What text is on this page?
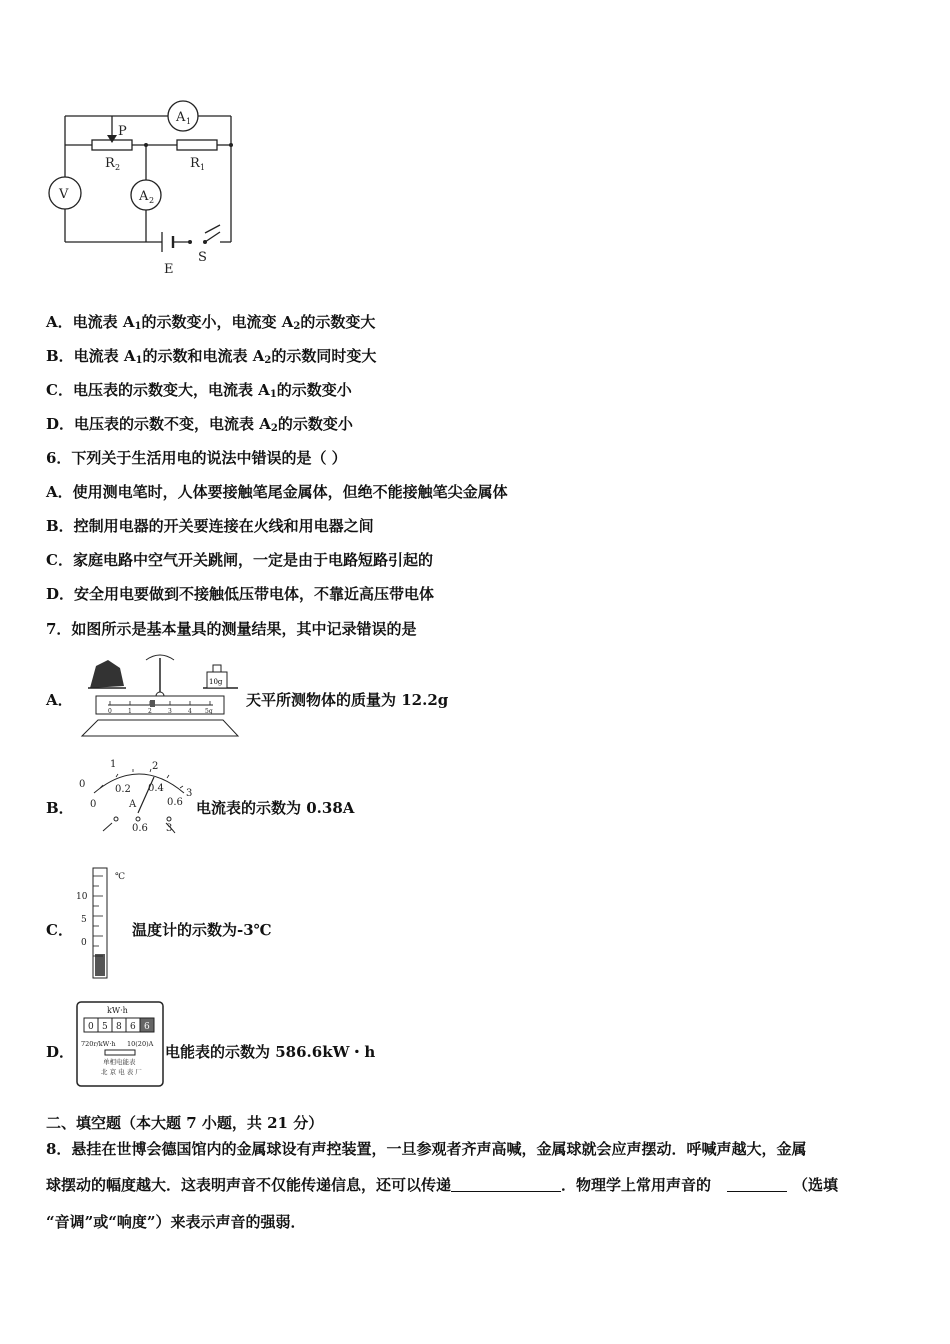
A 1
V	A 2
P
R 2	R 1
E
S
A．电流表 $A_1$的示数变小，电流变 $A_2$的示数变大
B．电流表 $A_1$的示数和电流表 $A_2$的示数同时变大
C．电压表的示数变大，电流表 $A_1$的示数变小
D．电压表的示数不变，电流表 $A_2$的示数变小
6．下列关于生活用电的说法中错误的是（ ）
A．使用测电笔时，人体要接触笔尾金属体，但绝不能接触笔尖金属体
B．控制用电器的开关要连接在火线和用电器之间
C．家庭电路中空气开关跳闸，一定是由于电路短路引起的
D．安全用电要做到不接触低压带电体，不靠近高压带电体
7．如图所示是基本量具的测量结果，其中记录错误的是
A．
10g
0	1	2	3	4 5g
天平所测物体的质量为 12.2g
B．
0
1	2
3
0.2 0.4
0.6
0	A
0.6 3
电流表的示数为 0.38A
C．
℃
10
5
0
温度计的示数为-3℃
D．
kW·h
0 5 8 6 6
720r/kW·h 10(20)A
单相电能表
北 京 电 表 厂
电能表的示数为 586.6kW・h
二、填空题（本大题 7 小题，共 21 分）
8．悬挂在世博会德国馆内的金属球设有声控装置，一旦参观者齐声高喊，金属球就会应声摆动．呼喊声越大，金属
球摆动的幅度越大．这表明声音不仅能传递信息，还可以传递	．物理学上常用声音的	（选填
“音调”或“响度”）来表示声音的强弱．
